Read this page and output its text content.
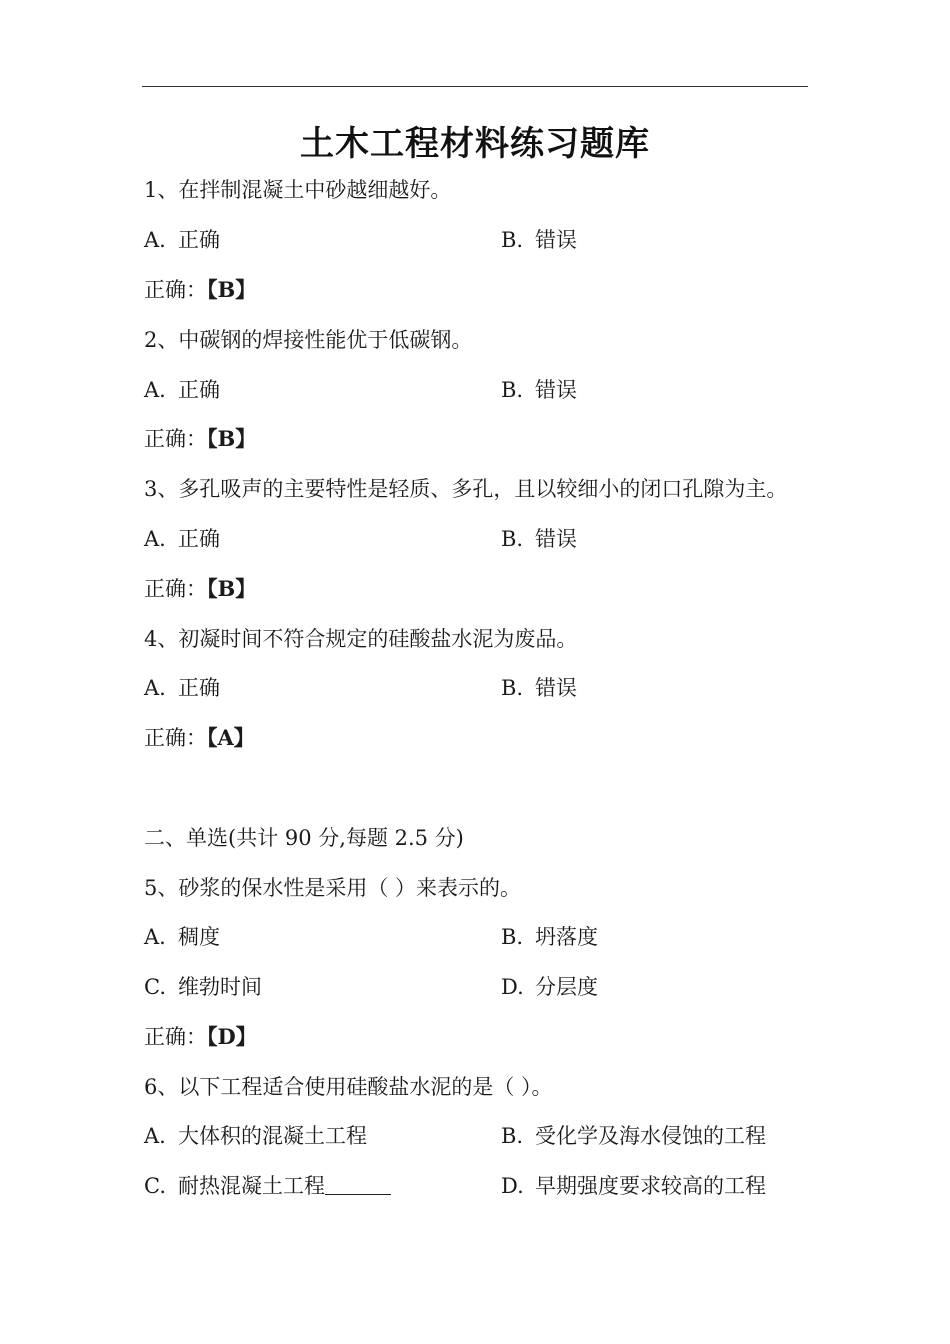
土木工程材料练习题库
1、在拌制混凝土中砂越细越好。
A. 正确	B. 错误
正确：【B】
2、中碳钢的焊接性能优于低碳钢。
A. 正确	B. 错误
正确：【B】
3、多孔吸声的主要特性是轻质、多孔，且以较细小的闭口孔隙为主。
A. 正确	B. 错误
正确：【B】
4、初凝时间不符合规定的硅酸盐水泥为废品。
A. 正确	B. 错误
正确：【A】
二、单选(共计 90 分,每题 2.5 分)
5、砂浆的保水性是采用（ ）来表示的。
A. 稠度	B. 坍落度
C. 维勃时间	D. 分层度
正确：【D】
6、以下工程适合使用硅酸盐水泥的是（ ）。
A. 大体积的混凝土工程	B. 受化学及海水侵蚀的工程
C. 耐热混凝土工程	D. 早期强度要求较高的工程
